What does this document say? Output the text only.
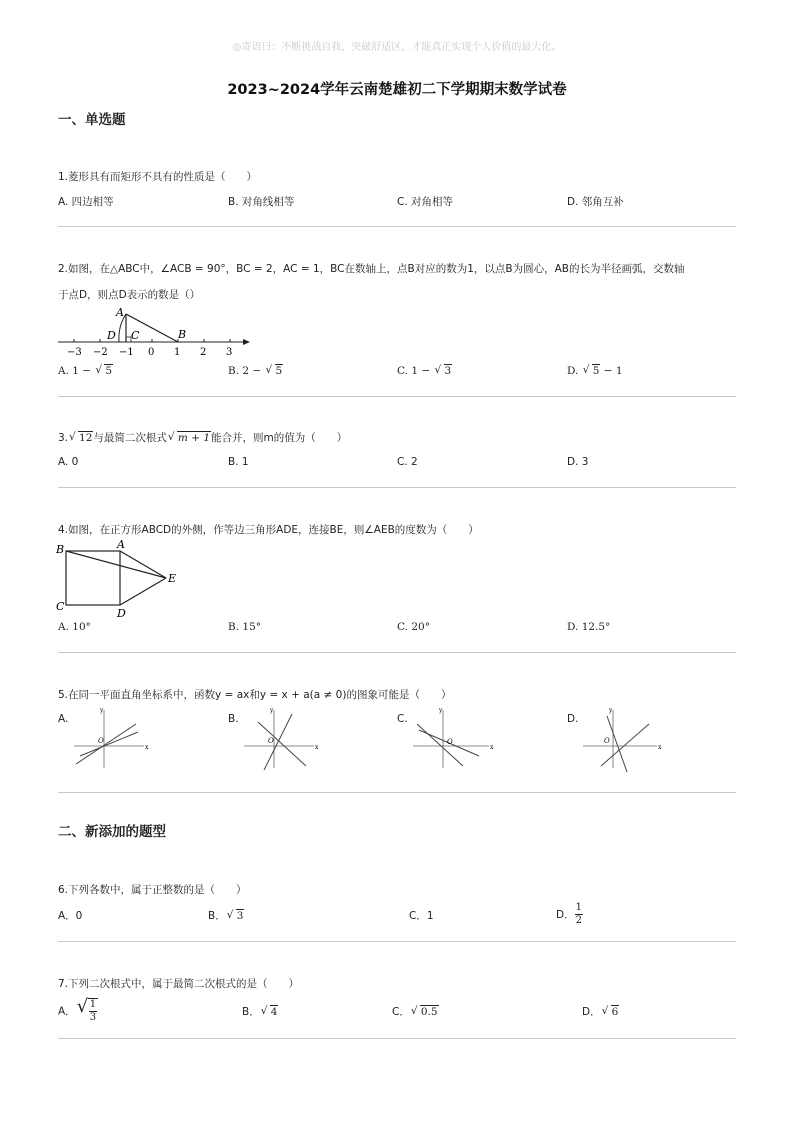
◎寄语曰：不断挑战自我，突破舒适区，才能真正实现个人价值的最大化。
2023~2024学年云南楚雄初二下学期期末数学试卷
一、单选题
1.菱形具有而矩形不具有的性质是（　　）
A. 四边相等	B. 对角线相等	C. 对角相等	D. 邻角互补
2.如图，在△ABC中，∠ACB = 90°，BC = 2，AC = 1，BC在数轴上，点B对应的数为1，以点B为圆心，AB的长为半径画弧，交数轴
于点D，则点D表示的数是（）
A
D C	B
−3 −2 −1 0 1 2 3
A. 1 − √ 5	B. 2 − √ 5	C. 1 − √ 3	D. √ 5 − 1
3. √ 12与最简二次根式 √ m + 1能合并，则m的值为（　　）
A. 0	B. 1	C. 2	D. 3
4.如图，在正方形ABCD的外侧，作等边三角形ADE，连接BE，则∠AEB的度数为（　　）
B	A
C
D
E
A. 10°	B. 15°	C. 20°	D. 12.5°
5.在同一平面直角坐标系中，函数y = ax和y = x + a(a ≠ 0)的图象可能是（　　）
A.
x
y
O
B.
x
y
O
C.
x
y
O
D.
x
y
O
二、新添加的题型
6.下列各数中，属于正整数的是（　　）
A．0	B． √ 3	C．1	D． $\frac{1}{2}$
7.下列二次根式中，属于最简二次根式的是（　　）
A． √ $\frac{1}{3}$	B． √ 4	C． √ 0.5	D． √ 6
